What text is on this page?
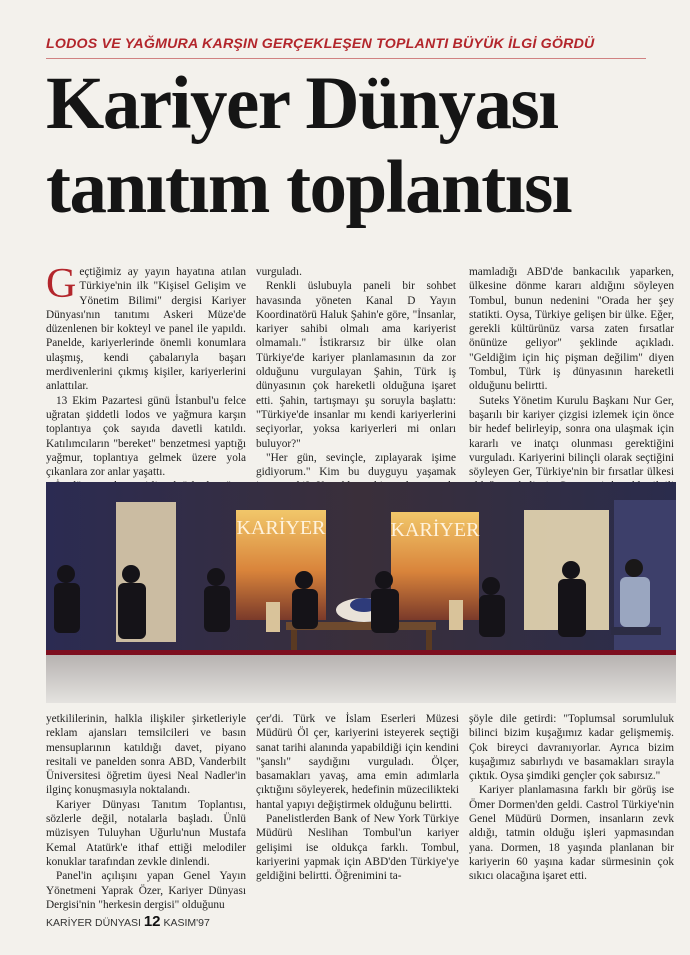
LODOS VE YAĞMURA KARŞIN GERÇEKLEŞEN TOPLANTI BÜYÜK İLGİ GÖRDÜ
Kariyer Dünyası
tanıtım toplantısı

Geçtiğimiz ay yayın hayatına atılan Türkiye'nin ilk "Kişisel Gelişim ve Yönetim Bilimi" dergisi Kariyer Dünyası'nın tanıtımı Askeri Müze'de düzenlenen bir kokteyl ve panel ile yapıldı. Panelde, kariyerlerinde önemli konumlara ulaşmış, kendi çabalarıyla başarı merdivenlerini çıkmış kişiler, kariyerlerini anlattılar.

13 Ekim Pazartesi günü İstanbul'u felce uğratan şiddetli lodos ve yağmura karşın toplantıya çok sayıda davetli katıldı. Katılımcıların "bereket" benzetmesi yaptığı yağmur, toplantıya gelmek üzere yola çıkanlara zor anlar yaşattı.

vurguladı.

Renkli üslubuyla paneli bir sohbet havasında yöneten Kanal D Yayın Koordinatörü Haluk Şahin'e göre, "İnsanlar, kariyer sahibi olmalı ama kariyerist olmamalı." İstikrarsız bir ülke olan Türkiye'de kariyer planlamasının da zor olduğunu vurgulayan Şahin, Türk iş dünyasının çok hareketli olduğuna işaret etti. Şahin, tartışmayı şu soruyla başlattı: "Türkiye'de insanlar mı kendi kariyerlerini seçiyorlar, yoksa kariyerleri mi onları buluyor?"

"Her gün, sevinçle, zıplayarak işime gidiyorum." Kim bu duyguyu yaşamak

mamladığı ABD'de bankacılık yaparken, ülkesine dönme kararı aldığını söyleyen Tombul, bunun nedenini "Orada her şey statikti. Oysa, Türkiye gelişen bir ülke. Eğer, gerekli kültürünüz varsa zaten fırsatlar önünüze geliyor" şeklinde açıkladı. "Geldiğim için hiç pişman değilim" diyen Tombul, Türk iş dünyasının hareketli olduğunu belirtti.

Suteks Yönetim Kurulu Başkanı Nur Ger, başarılı bir kariyer çizgisi izlemek için önce bir hedef belirleyip, sonra ona ulaşmak için kararlı ve inatçı olunması gerektiğini vurguladı. Kariyerini bilinçli olarak seçtiğini söyleyen Ger, Türkiye'nin bir fırsatlar ülkesi

KARİYER	KARİYER

yetkililerinin, halkla ilişkiler şirketleriyle reklam ajansları temsilcileri ve basın mensuplarının katıldığı davet, piyano resitali ve panelden sonra ABD, Vanderbilt Üniversitesi öğretim üyesi Neal Nadler'in ilginç konuşmasıyla noktalandı.

Kariyer Dünyası Tanıtım Toplantısı, sözlerle değil, notalarla başladı. Ünlü müzisyen Tuluyhan Uğurlu'nun Mustafa Kemal Atatürk'e ithaf ettiği melodiler konuklar tarafından zevkle dinlendi.

Panel'in açılışını yapan Genel Yayın Yönetmeni Yaprak Özer, Kariyer Dünyası Dergisi'nin "herkesin dergisi" olduğunu

çer'di. Türk ve İslam Eserleri Müzesi Müdürü Öl çer, kariyerini isteyerek seçtiği sanat tarihi alanında yapabildiği için kendini "şanslı" saydığını vurguladı. Ölçer, basamakları yavaş, ama emin adımlarla çıktığını söyleyerek, hedefinin müzecilikteki hantal yapıyı değiştirmek olduğunu belirtti.

Panelistlerden Bank of New York Türkiye Müdürü Neslihan Tombul'un kariyer gelişimi ise oldukça farklı. Tombul, kariyerini yapmak için ABD'den Türkiye'ye geldiğini belirtti. Öğrenimini ta-

şöyle dile getirdi: "Toplumsal sorumluluk bilinci bizim kuşağımız kadar gelişmemiş. Çok bireyci davranıyorlar. Ayrıca bizim kuşağımız sabırlıydı ve basamakları sırayla çıktık. Oysa şimdiki gençler çok sabırsız."

Kariyer planlamasına farklı bir görüş ise Ömer Dormen'den geldi. Castrol Türkiye'nin Genel Müdürü Dormen, insanların zevk aldığı, tatmin olduğu işleri yapmasından yana. Dormen, 18 yaşında planlanan bir kariyerin 60 yaşına kadar sürmesinin çok sıkıcı olacağına işaret etti.

KARİYER DÜNYASI 12 KASIM'97
